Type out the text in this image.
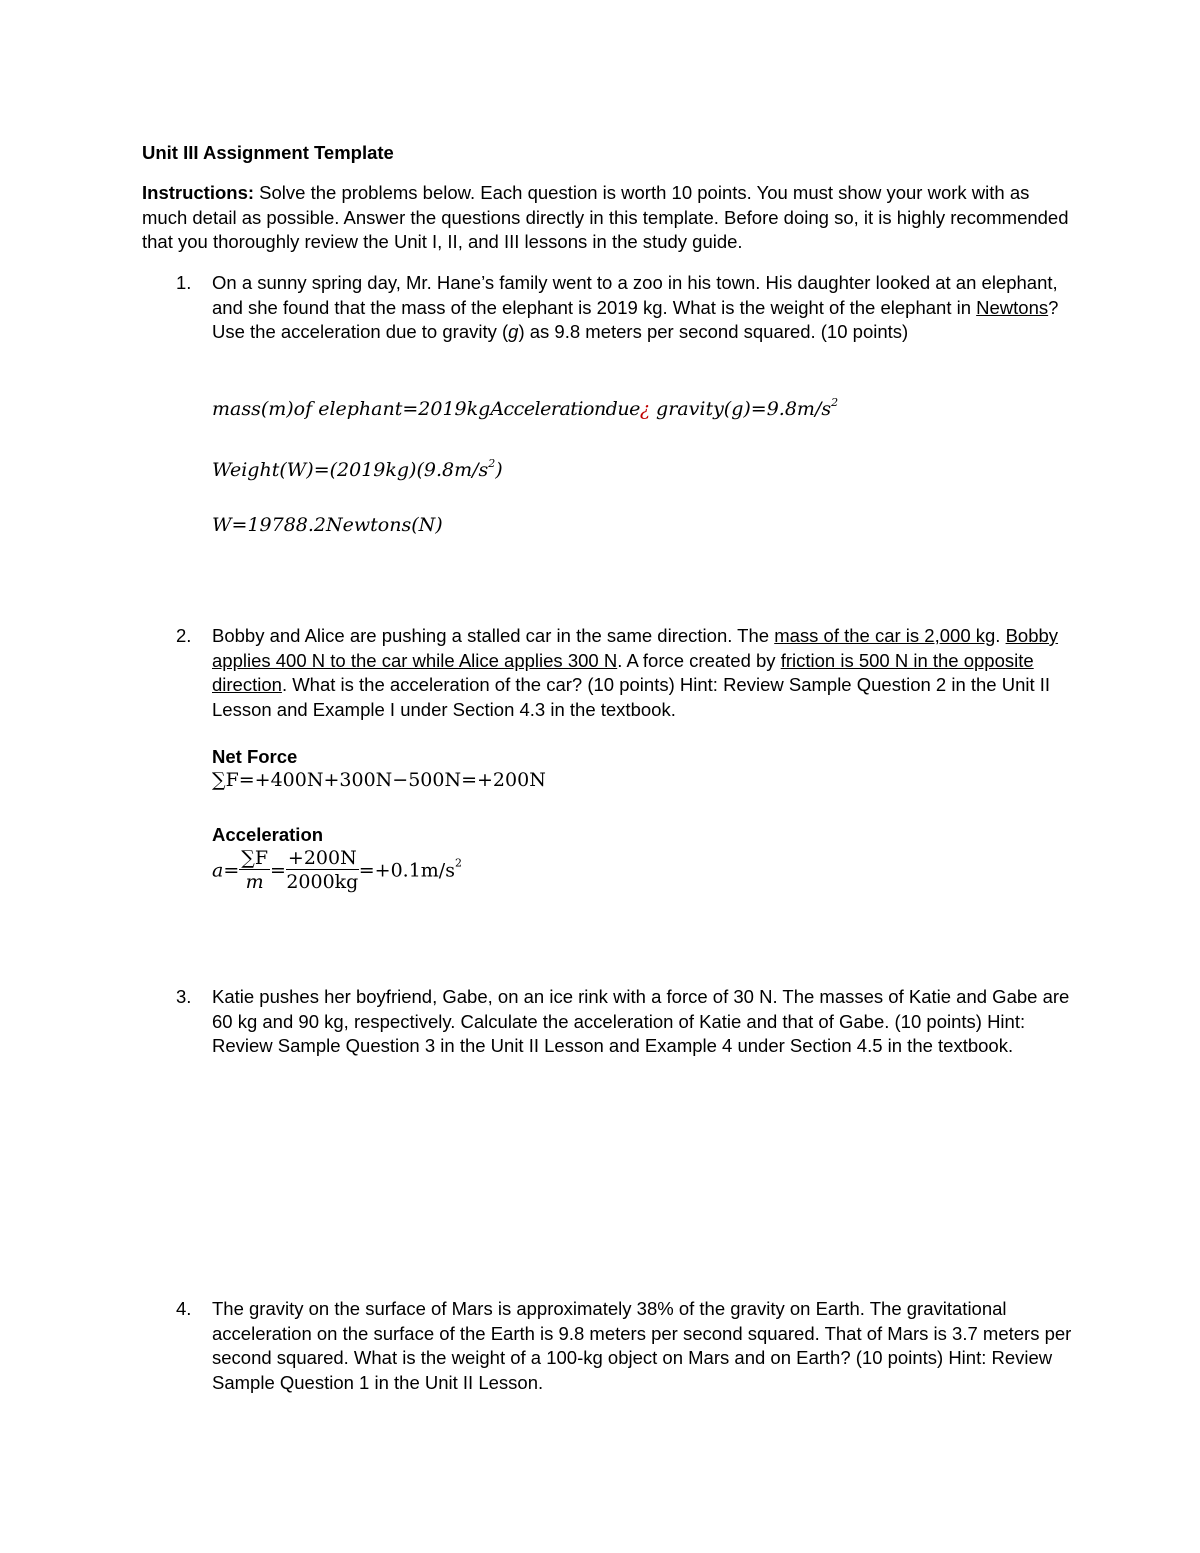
Unit III Assignment Template
Instructions: Solve the problems below. Each question is worth 10 points. You must show your work with as much detail as possible. Answer the questions directly in this template. Before doing so, it is highly recommended that you thoroughly review the Unit I, II, and III lessons in the study guide.
1.	On a sunny spring day, Mr. Hane’s family went to a zoo in his town. His daughter looked at an elephant, and she found that the mass of the elephant is 2019 kg. What is the weight of the elephant in Newtons? Use the acceleration due to gravity (g) as 9.8 meters per second squared. (10 points)
mass(m)of elephant=2019kgAccelerationdue¿ $gravity(g)=9.8m/s^2$
$Weight(W)=(2019kg)(9.8m/s^2)$
W=19788.2Newtons(N)
2.	Bobby and Alice are pushing a stalled car in the same direction. The mass of the car is 2,000 kg. Bobby applies 400 N to the car while Alice applies 300 N. A force created by friction is 500 N in the opposite direction. What is the acceleration of the car? (10 points) Hint: Review Sample Question 2 in the Unit II Lesson and Example I under Section 4.3 in the textbook.
Net Force
∑F=+400N+300N−500N=+200N
Acceleration
$a= \frac{\sum F}{m} = \frac{+200N}{2000kg} =+0.1m/s^2$
3.	Katie pushes her boyfriend, Gabe, on an ice rink with a force of 30 N. The masses of Katie and Gabe are 60 kg and 90 kg, respectively. Calculate the acceleration of Katie and that of Gabe. (10 points) Hint: Review Sample Question 3 in the Unit II Lesson and Example 4 under Section 4.5 in the textbook.
4.	The gravity on the surface of Mars is approximately 38% of the gravity on Earth. The gravitational acceleration on the surface of the Earth is 9.8 meters per second squared. That of Mars is 3.7 meters per second squared. What is the weight of a 100-kg object on Mars and on Earth? (10 points) Hint: Review Sample Question 1 in the Unit II Lesson.
